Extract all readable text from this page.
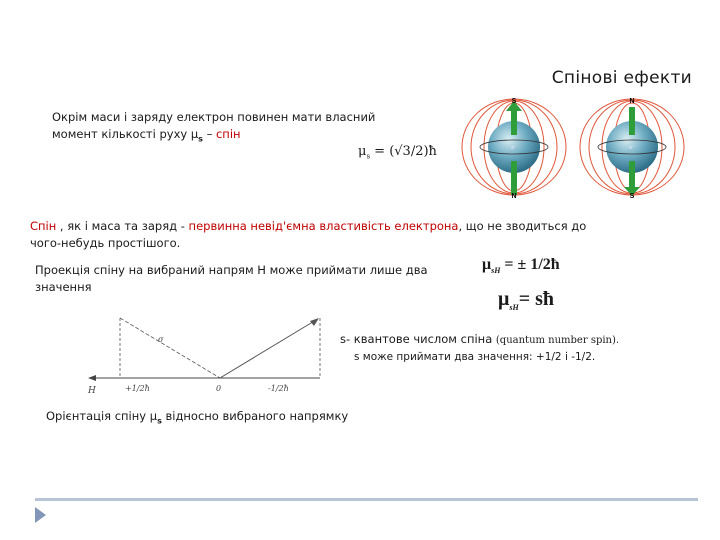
Спінові ефекти
Окрім маси і заряду електрон повинен мати власний
момент кількості руху $\mu_s$ – спін
$\mu_s$ = (√3/2)ħ
S
N
e⁻
N
S
e⁻
Спін , як і маса та заряд - первинна невід'ємна властивість електрона, що не зводиться до
чого-небудь простішого.
Проекція спіну на вибраний напрям H може приймати лише два
значення
$\mu_{sH}$ = ± 1/2ħ
$\mu_{sH}=$ sħ
H	+1/2ħ	0	-1/2ħ
σ	s- квантове числом спіна (quantum number spin).
s може приймати два значення: +1/2 і -1/2.
Орієнтація спіну $\mu_s$ відносно вибраного напрямку
